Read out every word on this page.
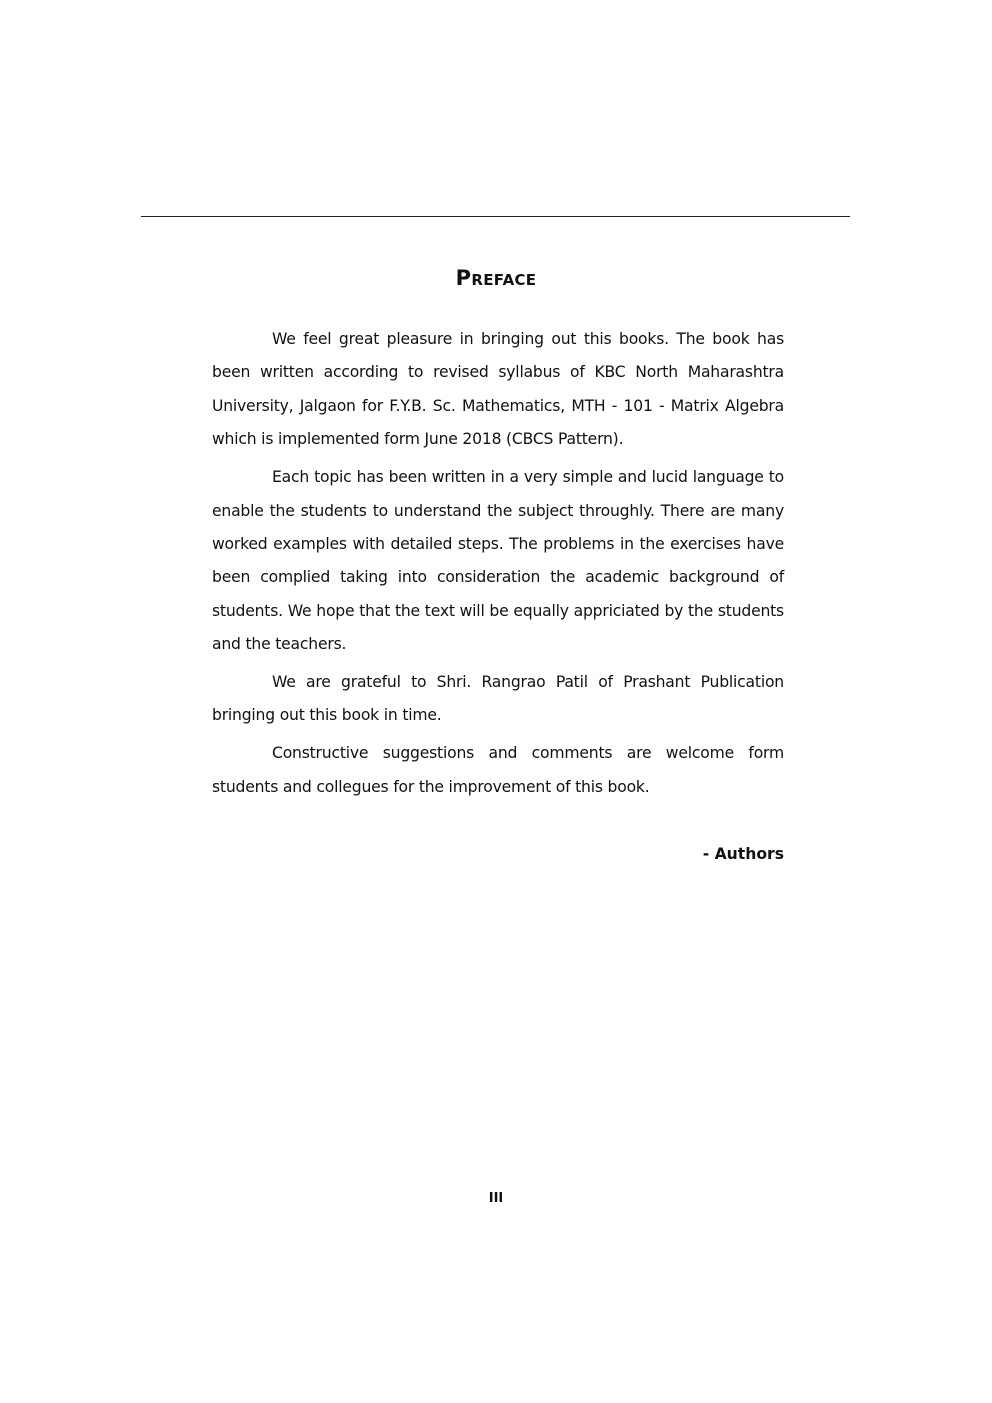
Preface

We feel great pleasure in bringing out this books. The book has been written according to revised syllabus of KBC North Maharashtra University, Jalgaon for F.Y.B. Sc. Mathematics, MTH - 101 - Matrix Algebra which is implemented form June 2018 (CBCS Pattern).

Each topic has been written in a very simple and lucid language to enable the students to understand the subject throughly. There are many worked examples with detailed steps. The problems in the exercises have been complied taking into consideration the academic background of students. We hope that the text will be equally appriciated by the students and the teachers.

We are grateful to Shri. Rangrao Patil of Prashant Publication bringing out this book in time.

Constructive suggestions and comments are welcome form students and collegues for the improvement of this book.

- Authors
III
